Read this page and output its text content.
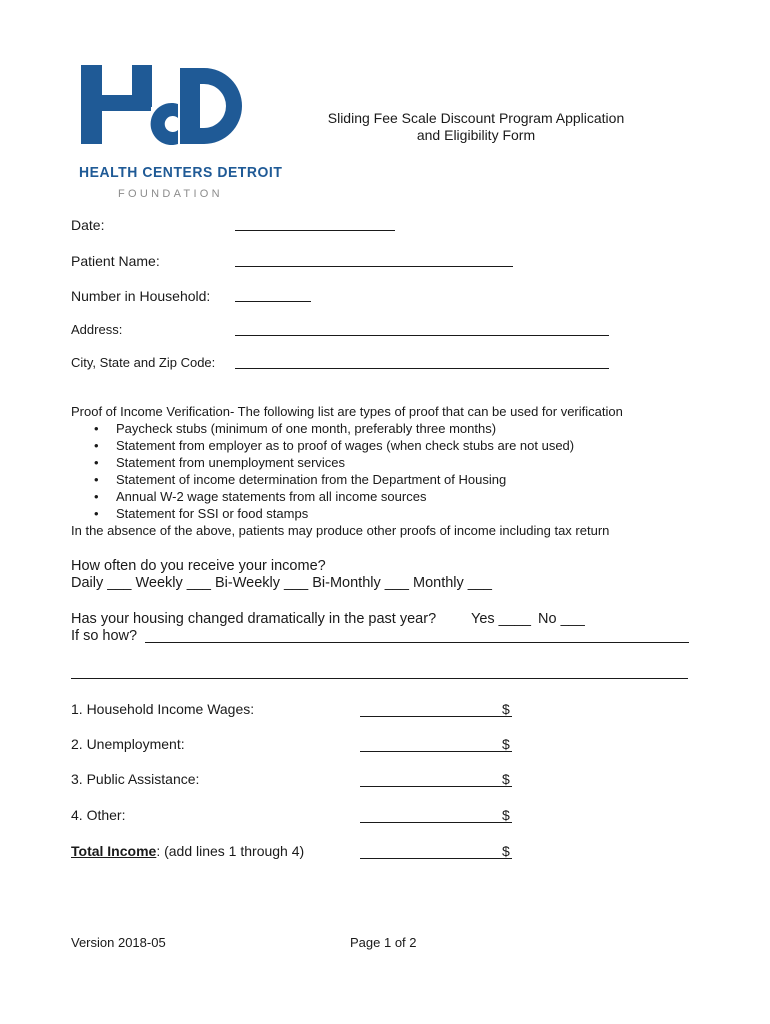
HEALTH CENTERS DETROIT
FOUNDATION
Sliding Fee Scale Discount Program Application
and Eligibility Form
Date:
Patient Name:
Number in Household:
Address:
City, State and Zip Code:
Proof of Income Verification- The following list are types of proof that can be used for verification
• Paycheck stubs (minimum of one month, preferably three months)
• Statement from employer as to proof of wages (when check stubs are not used)
• Statement from unemployment services
• Statement of income determination from the Department of Housing
• Annual W-2 wage statements from all income sources
• Statement for SSI or food stamps
In the absence of the above, patients may produce other proofs of income including tax return
How often do you receive your income?
Daily ___ Weekly ___ Bi-Weekly ___ Bi-Monthly ___ Monthly ___
Has your housing changed dramatically in the past year? Yes ____ No ___
If so how?
1. Household Income Wages:	$
2. Unemployment:	$
3. Public Assistance:	$
4. Other:	$
Total Income: (add lines 1 through 4)	$
Version 2018-05	Page 1 of 2
